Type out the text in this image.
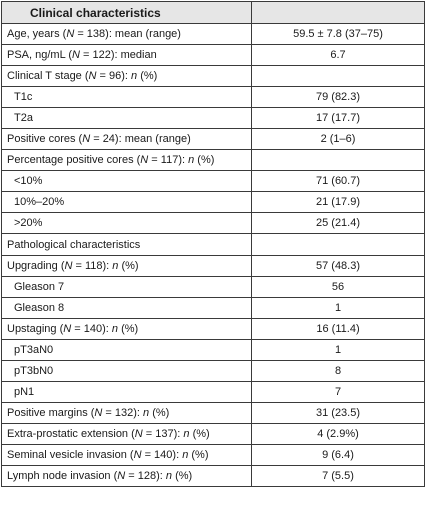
Clinical characteristics	
Age, years (N = 138): mean (range)	59.5 ± 7.8 (37–75)
PSA, ng/mL (N = 122): median	6.7
Clinical T stage (N = 96): n (%)	
T1c	79 (82.3)
T2a	17 (17.7)
Positive cores (N = 24): mean (range)	2 (1–6)
Percentage positive cores (N = 117): n (%)	
<10%	71 (60.7)
10%–20%	21 (17.9)
>20%	25 (21.4)
Pathological characteristics	
Upgrading (N = 118): n (%)	57 (48.3)
Gleason 7	56
Gleason 8	1
Upstaging (N = 140): n (%)	16 (11.4)
pT3aN0	1
pT3bN0	8
pN1	7
Positive margins (N = 132): n (%)	31 (23.5)
Extra-prostatic extension (N = 137): n (%)	4 (2.9%)
Seminal vesicle invasion (N = 140): n (%)	9 (6.4)
Lymph node invasion (N = 128): n (%)	7 (5.5)
